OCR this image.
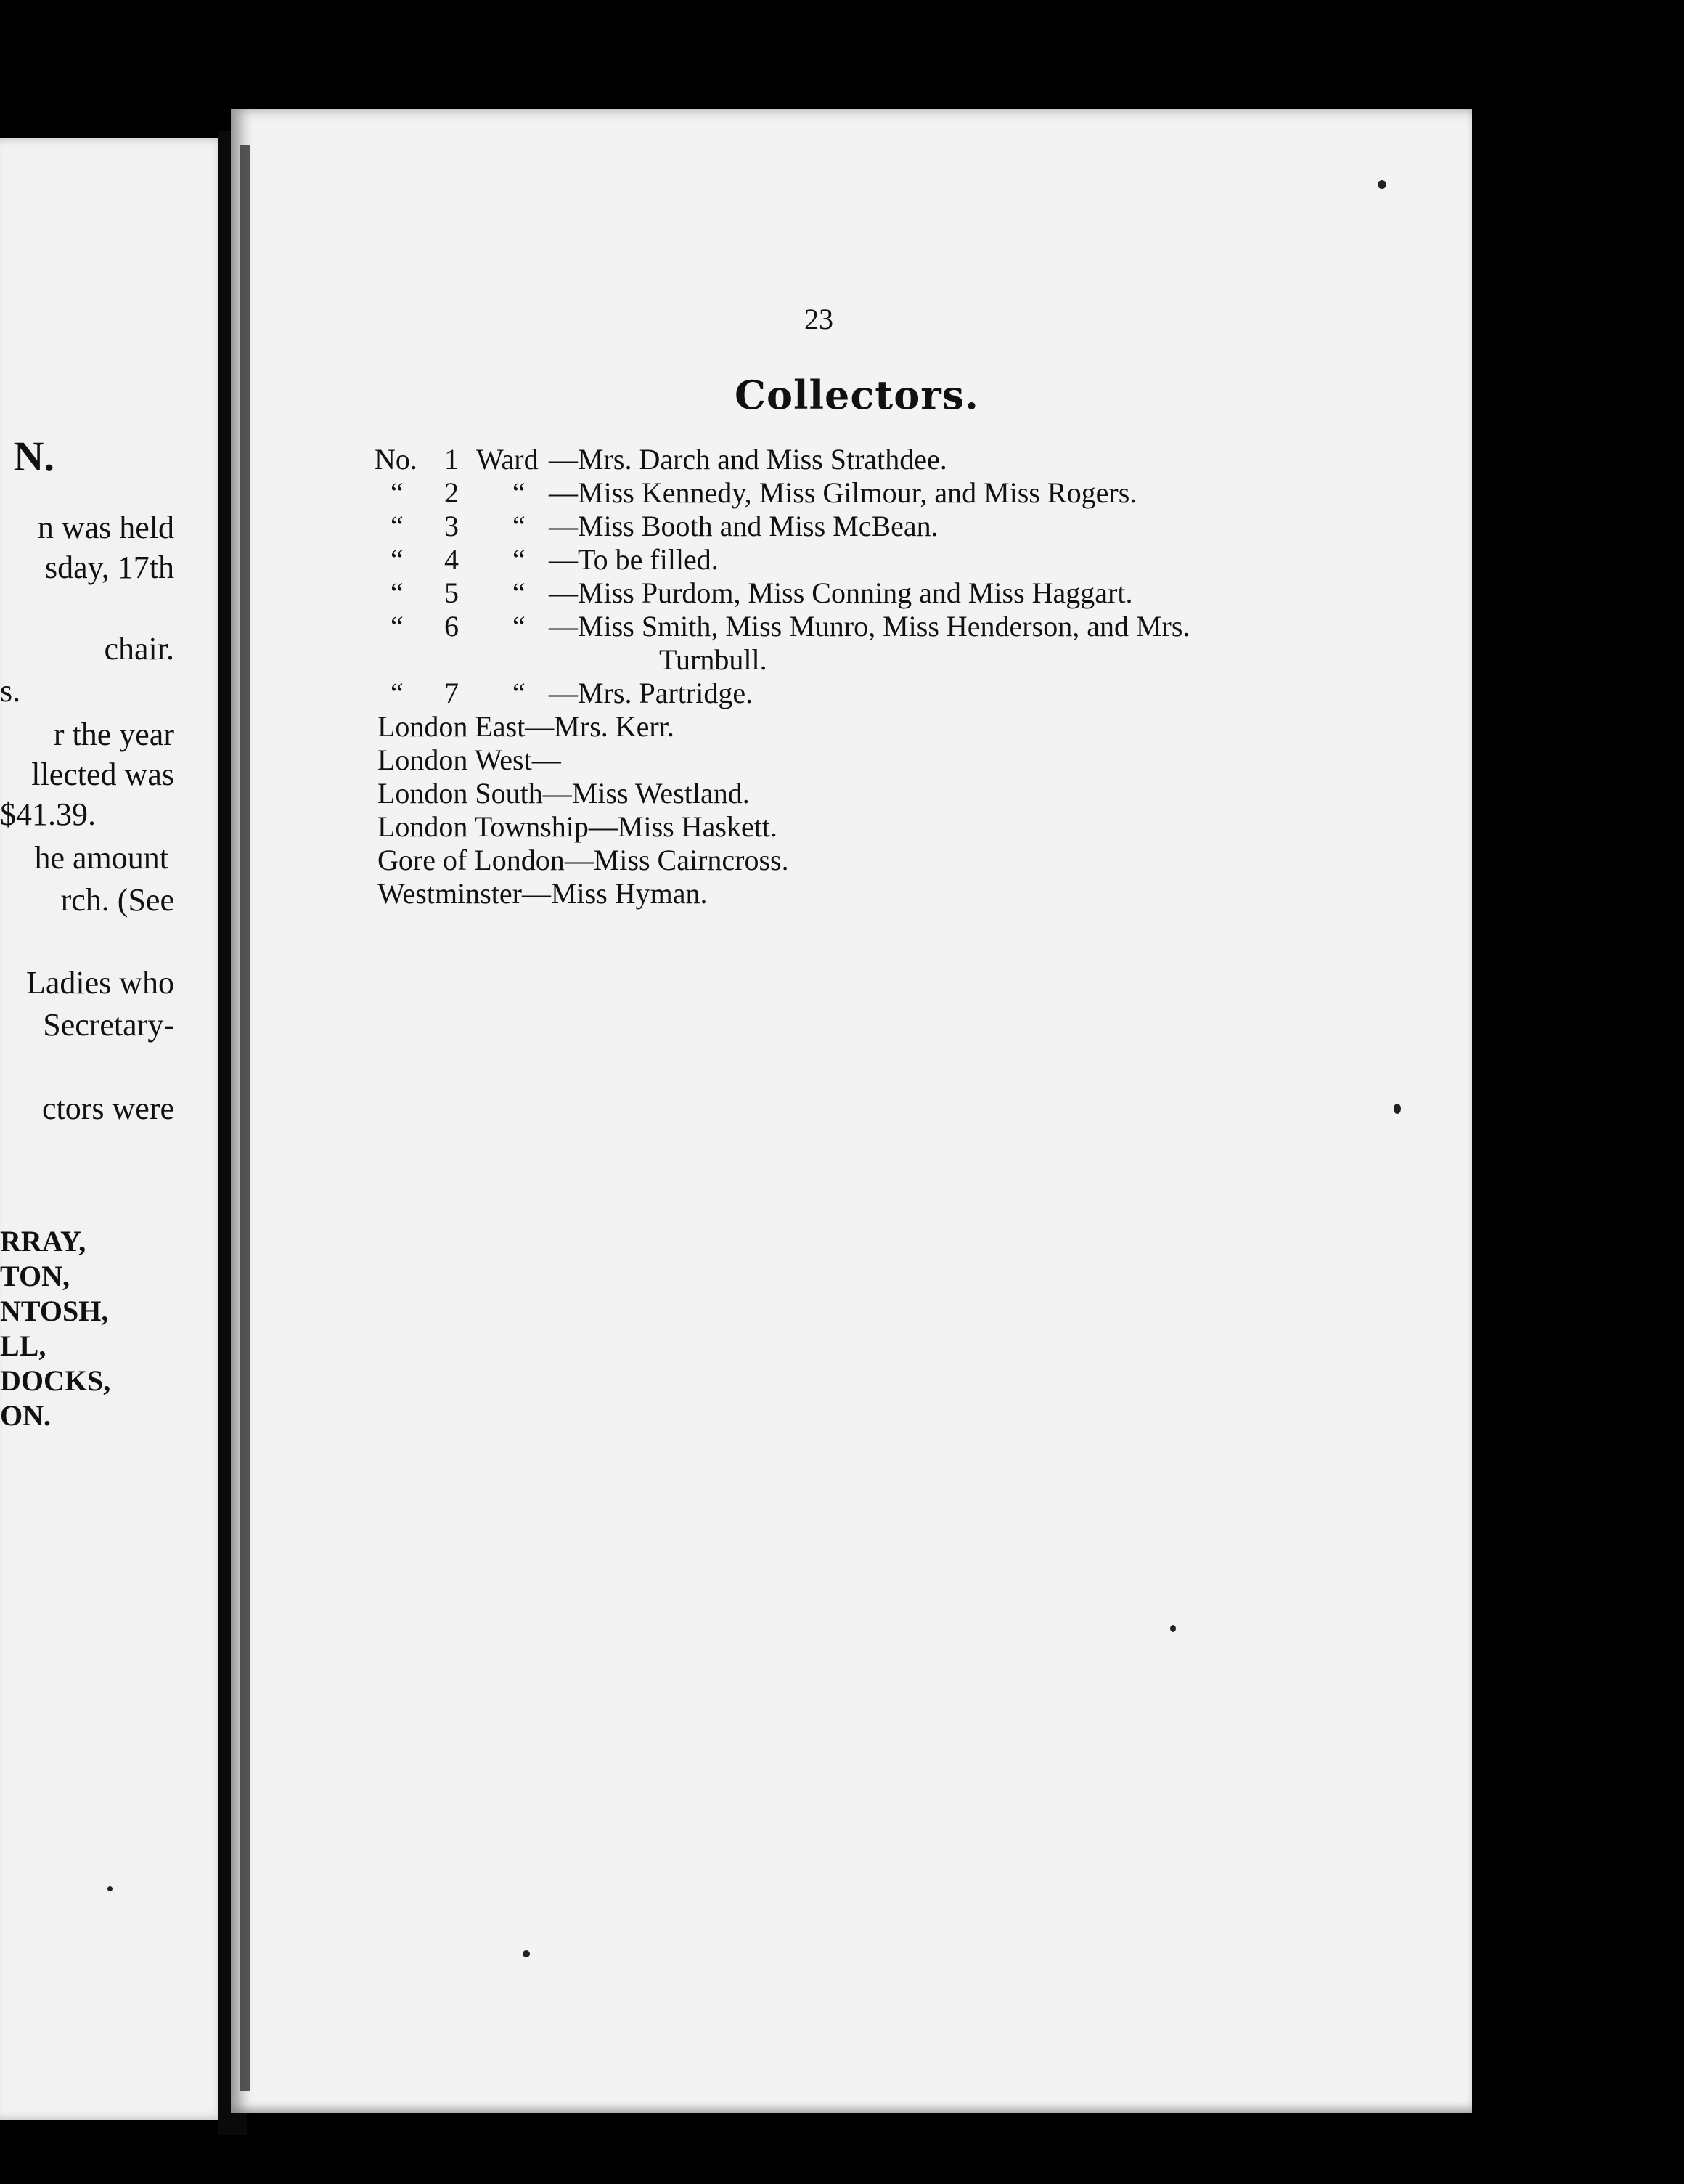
N.
n was held
sday, 17th
chair.
s.
r the year
llected was
$41.39.
he amount
rch. (See
Ladies who
Secretary-
ctors were
RRAY,
TON,
NTOSH,
LL,
DOCKS,
ON.
23
Collectors.
No. 1 Ward —Mrs. Darch and Miss Strathdee.
“ 2 “ —Miss Kennedy, Miss Gilmour, and Miss Rogers.
“ 3 “ —Miss Booth and Miss McBean.
“ 4 “ —To be filled.
“ 5 “ —Miss Purdom, Miss Conning and Miss Haggart.
“ 6 “ —Miss Smith, Miss Munro, Miss Henderson, and Mrs.
Turnbull.
“ 7 “ —Mrs. Partridge.
London East—Mrs. Kerr.
London West—
London South—Miss Westland.
London Township—Miss Haskett.
Gore of London—Miss Cairncross.
Westminster—Miss Hyman.
